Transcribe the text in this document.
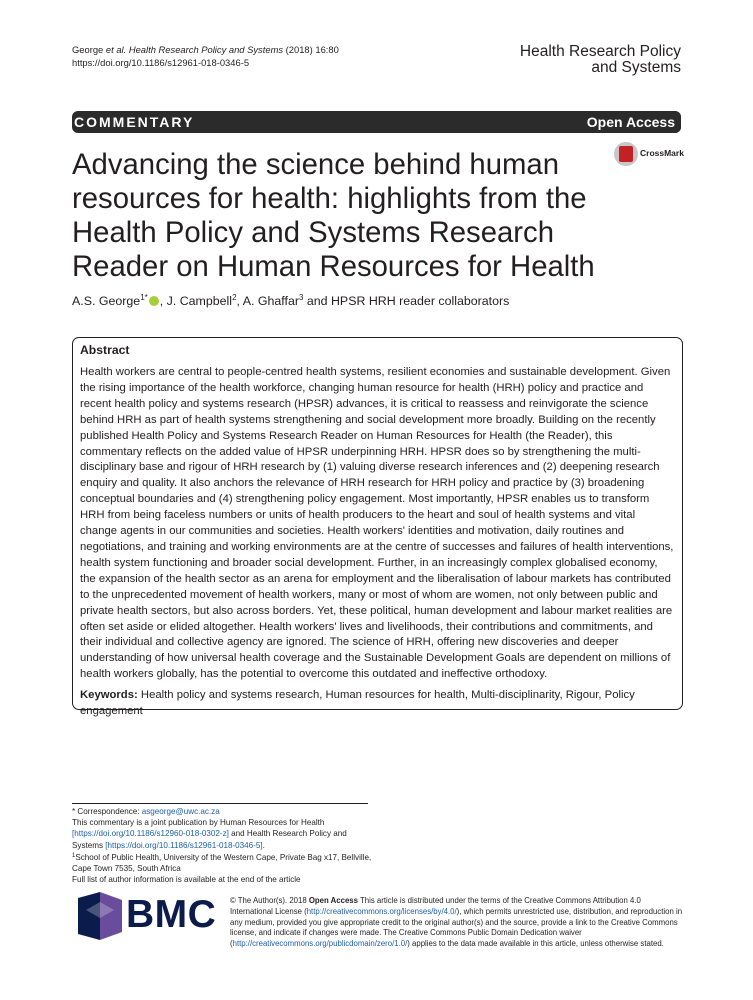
George et al. Health Research Policy and Systems (2018) 16:80
https://doi.org/10.1186/s12961-018-0346-5
Health Research Policy
and Systems
COMMENTARY	Open Access
CrossMark
Advancing the science behind human resources for health: highlights from the Health Policy and Systems Research Reader on Human Resources for Health
A.S. George$^{1*}$ , J. Campbell$^2$, A. Ghaffar$^3$ and HPSR HRH reader collaborators

Abstract

Health workers are central to people-centred health systems, resilient economies and sustainable development. Given the rising importance of the health workforce, changing human resource for health (HRH) policy and practice and recent health policy and systems research (HPSR) advances, it is critical to reassess and reinvigorate the science behind HRH as part of health systems strengthening and social development more broadly. Building on the recently published Health Policy and Systems Research Reader on Human Resources for Health (the Reader), this commentary reflects on the added value of HPSR underpinning HRH. HPSR does so by strengthening the multi-disciplinary base and rigour of HRH research by (1) valuing diverse research inferences and (2) deepening research enquiry and quality. It also anchors the relevance of HRH research for HRH policy and practice by (3) broadening conceptual boundaries and (4) strengthening policy engagement. Most importantly, HPSR enables us to transform HRH from being faceless numbers or units of health producers to the heart and soul of health systems and vital change agents in our communities and societies. Health workers' identities and motivation, daily routines and negotiations, and training and working environments are at the centre of successes and failures of health interventions, health system functioning and broader social development. Further, in an increasingly complex globalised economy, the expansion of the health sector as an arena for employment and the liberalisation of labour markets has contributed to the unprecedented movement of health workers, many or most of whom are women, not only between public and private health sectors, but also across borders. Yet, these political, human development and labour market realities are often set aside or elided altogether. Health workers' lives and livelihoods, their contributions and commitments, and their individual and collective agency are ignored. The science of HRH, offering new discoveries and deeper understanding of how universal health coverage and the Sustainable Development Goals are dependent on millions of health workers globally, has the potential to overcome this outdated and ineffective orthodoxy.

Keywords: Health policy and systems research, Human resources for health, Multi-disciplinarity, Rigour, Policy engagement

* Correspondence: asgeorge@uwc.ac.za

This commentary is a joint publication by Human Resources for Health [https://doi.org/10.1186/s12960-018-0302-z] and Health Research Policy and Systems [https://doi.org/10.1186/s12961-018-0346-5].

$^1$School of Public Health, University of the Western Cape, Private Bag x17, Bellville, Cape Town 7535, South Africa

Full list of author information is available at the end of the article

BMC © The Author(s). 2018 Open Access This article is distributed under the terms of the Creative Commons Attribution 4.0 International License (http://creativecommons.org/licenses/by/4.0/), which permits unrestricted use, distribution, and reproduction in any medium, provided you give appropriate credit to the original author(s) and the source, provide a link to the Creative Commons license, and indicate if changes were made. The Creative Commons Public Domain Dedication waiver (http://creativecommons.org/publicdomain/zero/1.0/) applies to the data made available in this article, unless otherwise stated.
